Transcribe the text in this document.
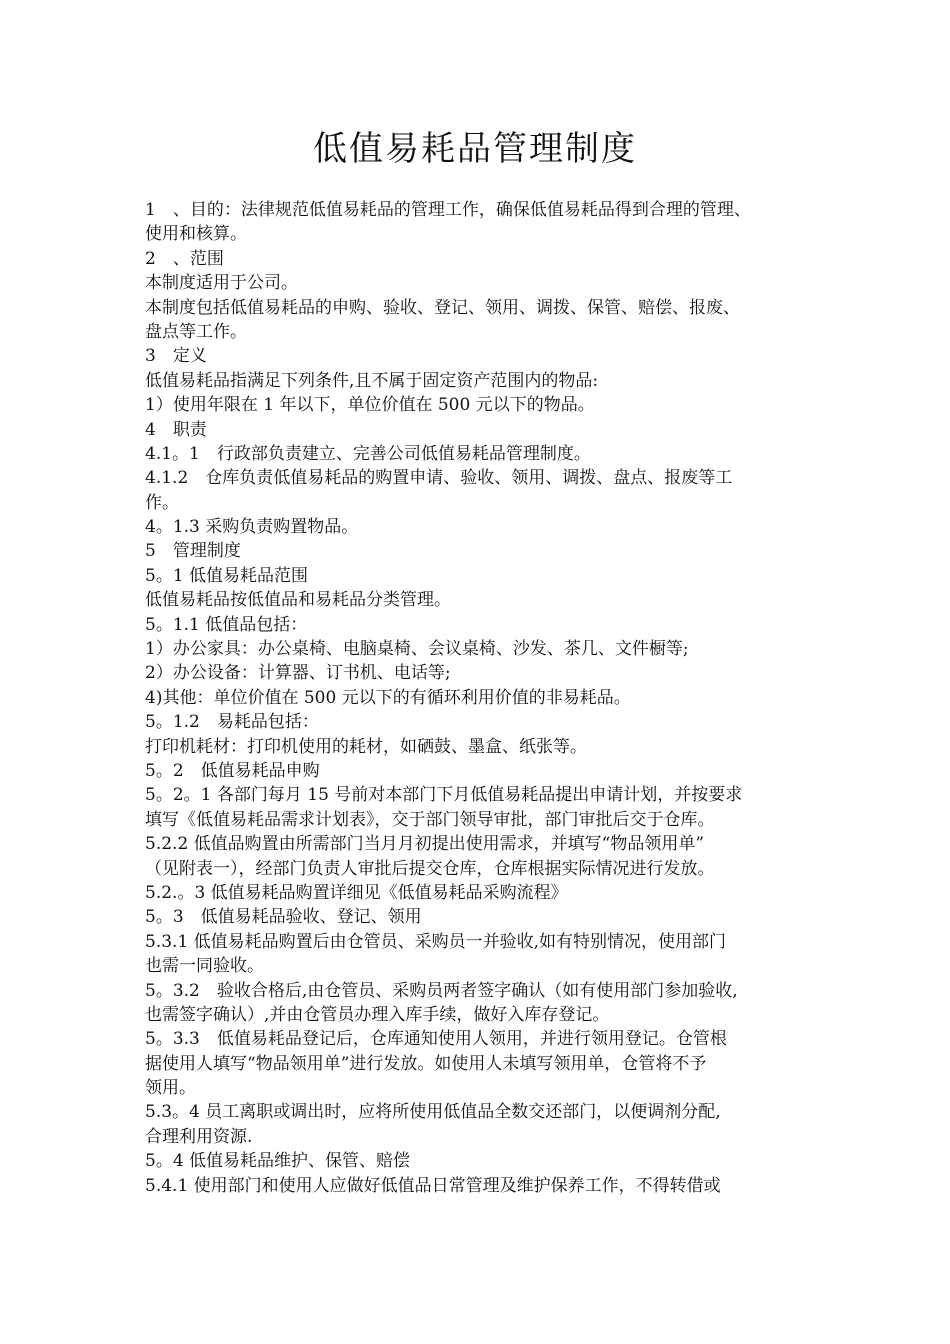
低值易耗品管理制度
1　、目的：法律规范低值易耗品的管理工作，确保低值易耗品得到合理的管理、
使用和核算。
2　、范围
本制度适用于公司。
本制度包括低值易耗品的申购、验收、登记、领用、调拨、保管、赔偿、报废、
盘点等工作。
3　定义
低值易耗品指满足下列条件,且不属于固定资产范围内的物品:
1）使用年限在 1 年以下，单位价值在 500 元以下的物品。
4　职责
4.1。1　行政部负责建立、完善公司低值易耗品管理制度。
4.1.2　仓库负责低值易耗品的购置申请、验收、领用、调拨、盘点、报废等工
作。
4。1.3 采购负责购置物品。
5　管理制度
5。1 低值易耗品范围
低值易耗品按低值品和易耗品分类管理。
5。1.1 低值品包括：
1）办公家具：办公桌椅、电脑桌椅、会议桌椅、沙发、茶几、文件橱等;
2）办公设备：计算器、订书机、电话等;
4)其他：单位价值在 500 元以下的有循环利用价值的非易耗品。
5。1.2　易耗品包括：
打印机耗材：打印机使用的耗材，如硒鼓、墨盒、纸张等。
5。2　低值易耗品申购
5。2。1 各部门每月 15 号前对本部门下月低值易耗品提出申请计划，并按要求
填写《低值易耗品需求计划表》，交于部门领导审批，部门审批后交于仓库。
5.2.2 低值品购置由所需部门当月月初提出使用需求，并填写“物品领用单”
（见附表一），经部门负责人审批后提交仓库，仓库根据实际情况进行发放。
5.2.。3 低值易耗品购置详细见《低值易耗品采购流程》
5。3　低值易耗品验收、登记、领用
5.3.1 低值易耗品购置后由仓管员、采购员一并验收,如有特别情况，使用部门
也需一同验收。
5。3.2　验收合格后,由仓管员、采购员两者签字确认（如有使用部门参加验收,
也需签字确认）,并由仓管员办理入库手续，做好入库存登记。
5。3.3　低值易耗品登记后，仓库通知使用人领用，并进行领用登记。仓管根
据使用人填写“物品领用单”进行发放。如使用人未填写领用单，仓管将不予
领用。
5.3。4 员工离职或调出时，应将所使用低值品全数交还部门，以便调剂分配,
合理利用资源.
5。4 低值易耗品维护、保管、赔偿
5.4.1 使用部门和使用人应做好低值品日常管理及维护保养工作，不得转借或
